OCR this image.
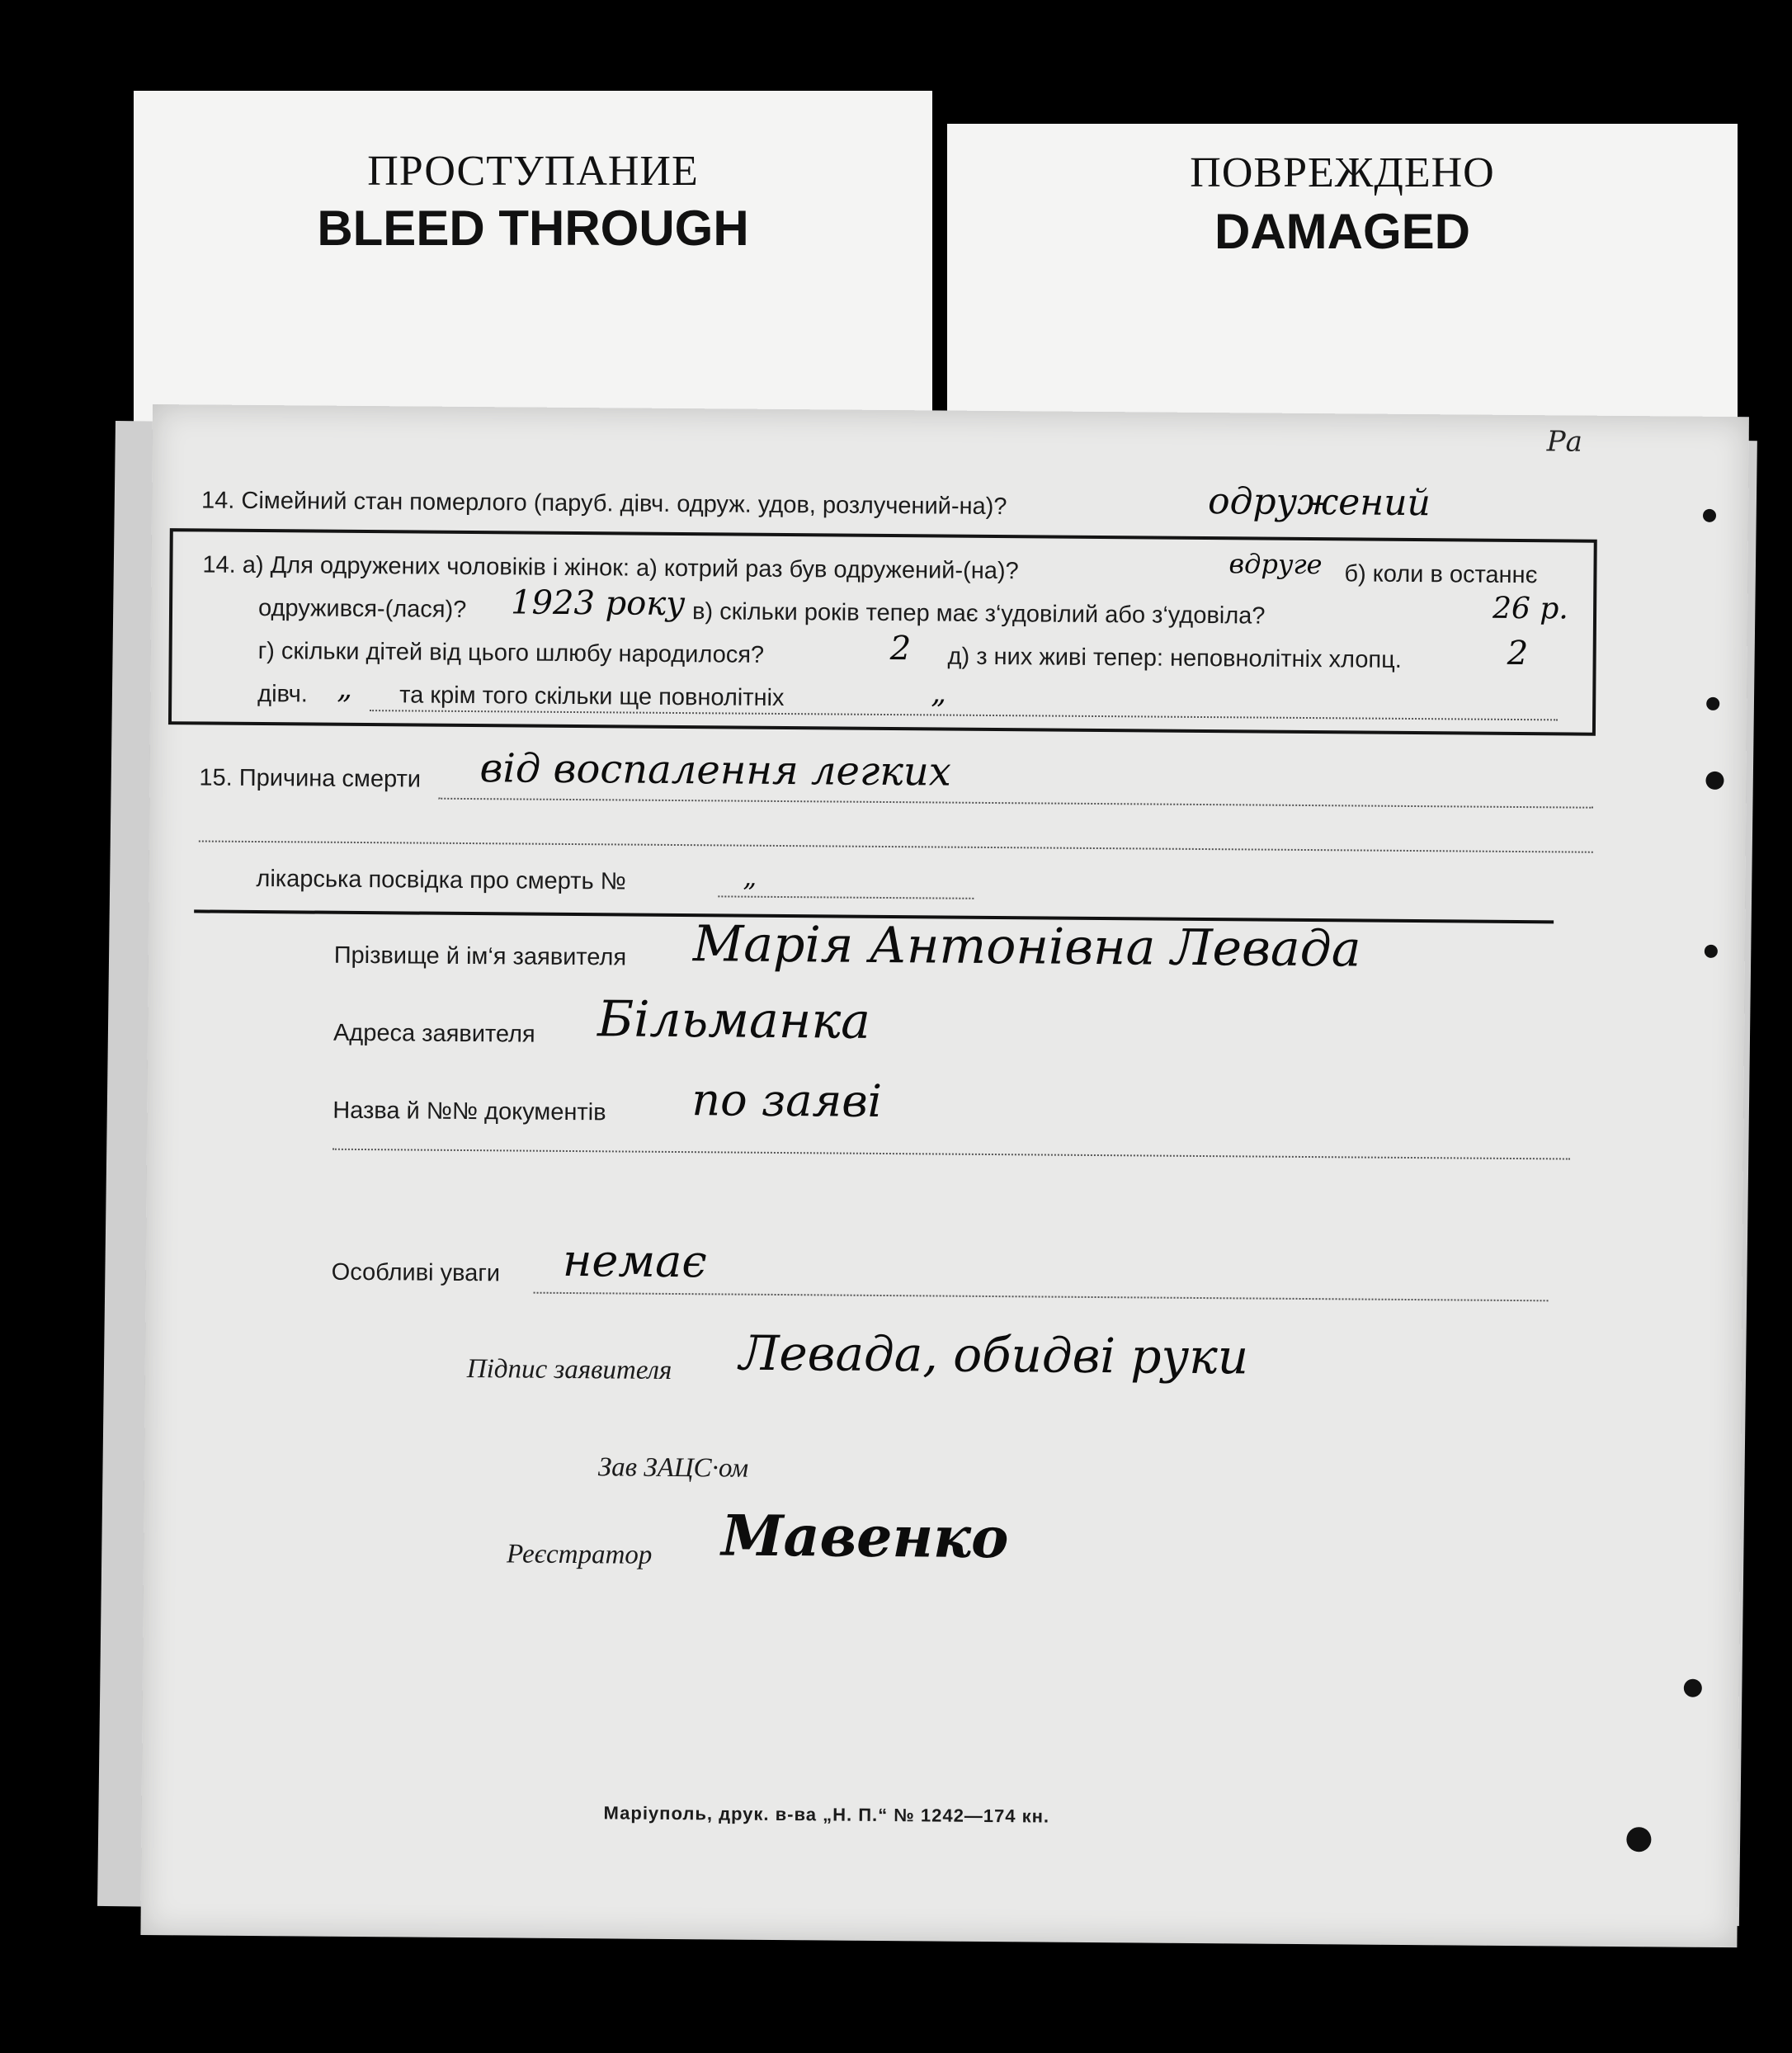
ПРОСТУПАНИЕ
BLEED THROUGH
ПОВРЕЖДЕНО
DAMAGED
Ра
14. Сімейний стан померлого (паруб. дівч. одруж. удов, розлучений-на)?	одружений
14. а) Для одружених чоловіків і жінок: а) котрий раз був одружений-(на)?	вдруге б) коли в останнє
одружився-(лася)? 1923 року в) скільки років тепер має з‘удовілий або з‘удовіла?	26 р.
г) скільки дітей від цього шлюбу народилося?	2 д) з них живі тепер: неповнолітніх хлопц.	2
дівч. „ та крім того скільки ще повнолітніх	„
15. Причина смерти від воспалення легких
лікарська посвідка про смерть №	„
Прізвище й ім‘я заявителя Марія Антонівна Левада
Адреса заявителя Більманка
Назва й №№ документів по заяві
Особливі уваги немає
Підпис заявителя Левада, обидві руки
Зав ЗАЦС·ом
Реєстратор Мавенко
Маріуполь, друк. в-ва „Н. П.“ № 1242—174 кн.
